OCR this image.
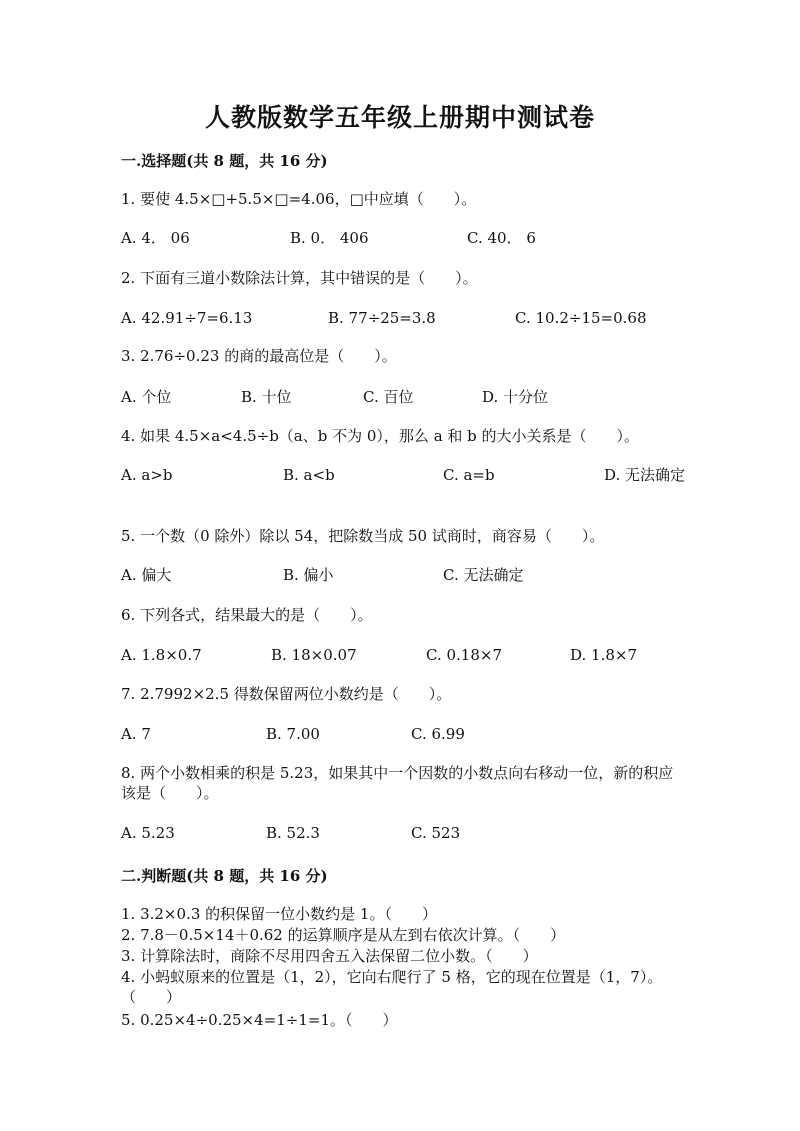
人教版数学五年级上册期中测试卷
一.选择题(共 8 题，共 16 分)
1. 要使 4.5×□+5.5×□=4.06，□中应填（　　）。
A. 4． 06	B. 0． 406	C. 40． 6
2. 下面有三道小数除法计算，其中错误的是（　　）。
A. 42.91÷7=6.13	B. 77÷25=3.8	C. 10.2÷15=0.68
3. 2.76÷0.23 的商的最高位是（　　）。
A. 个位	B. 十位	C. 百位	D. 十分位
4. 如果 4.5×a<4.5÷b（a、b 不为 0），那么 a 和 b 的大小关系是（　　）。
A. a>b	B. a<b	C. a=b	D. 无法确定
5. 一个数（0 除外）除以 54，把除数当成 50 试商时，商容易（　　）。
A. 偏大	B. 偏小	C. 无法确定
6. 下列各式，结果最大的是（　　）。
A. 1.8×0.7	B. 18×0.07	C. 0.18×7	D. 1.8×7
7. 2.7992×2.5 得数保留两位小数约是（　　）。
A. 7	B. 7.00	C. 6.99
8. 两个小数相乘的积是 5.23，如果其中一个因数的小数点向右移动一位，新的积应该是（　　）。
A. 5.23	B. 52.3	C. 523
二.判断题(共 8 题，共 16 分)
1. 3.2×0.3 的积保留一位小数约是 1。（　　）
2. 7.8－0.5×14＋0.62 的运算顺序是从左到右依次计算。（　　）
3. 计算除法时，商除不尽用四舍五入法保留二位小数。（　　）
4. 小蚂蚁原来的位置是（1，2），它向右爬行了 5 格，它的现在位置是（1，7）。（　　）
5. 0.25×4÷0.25×4=1÷1=1。（　　）
